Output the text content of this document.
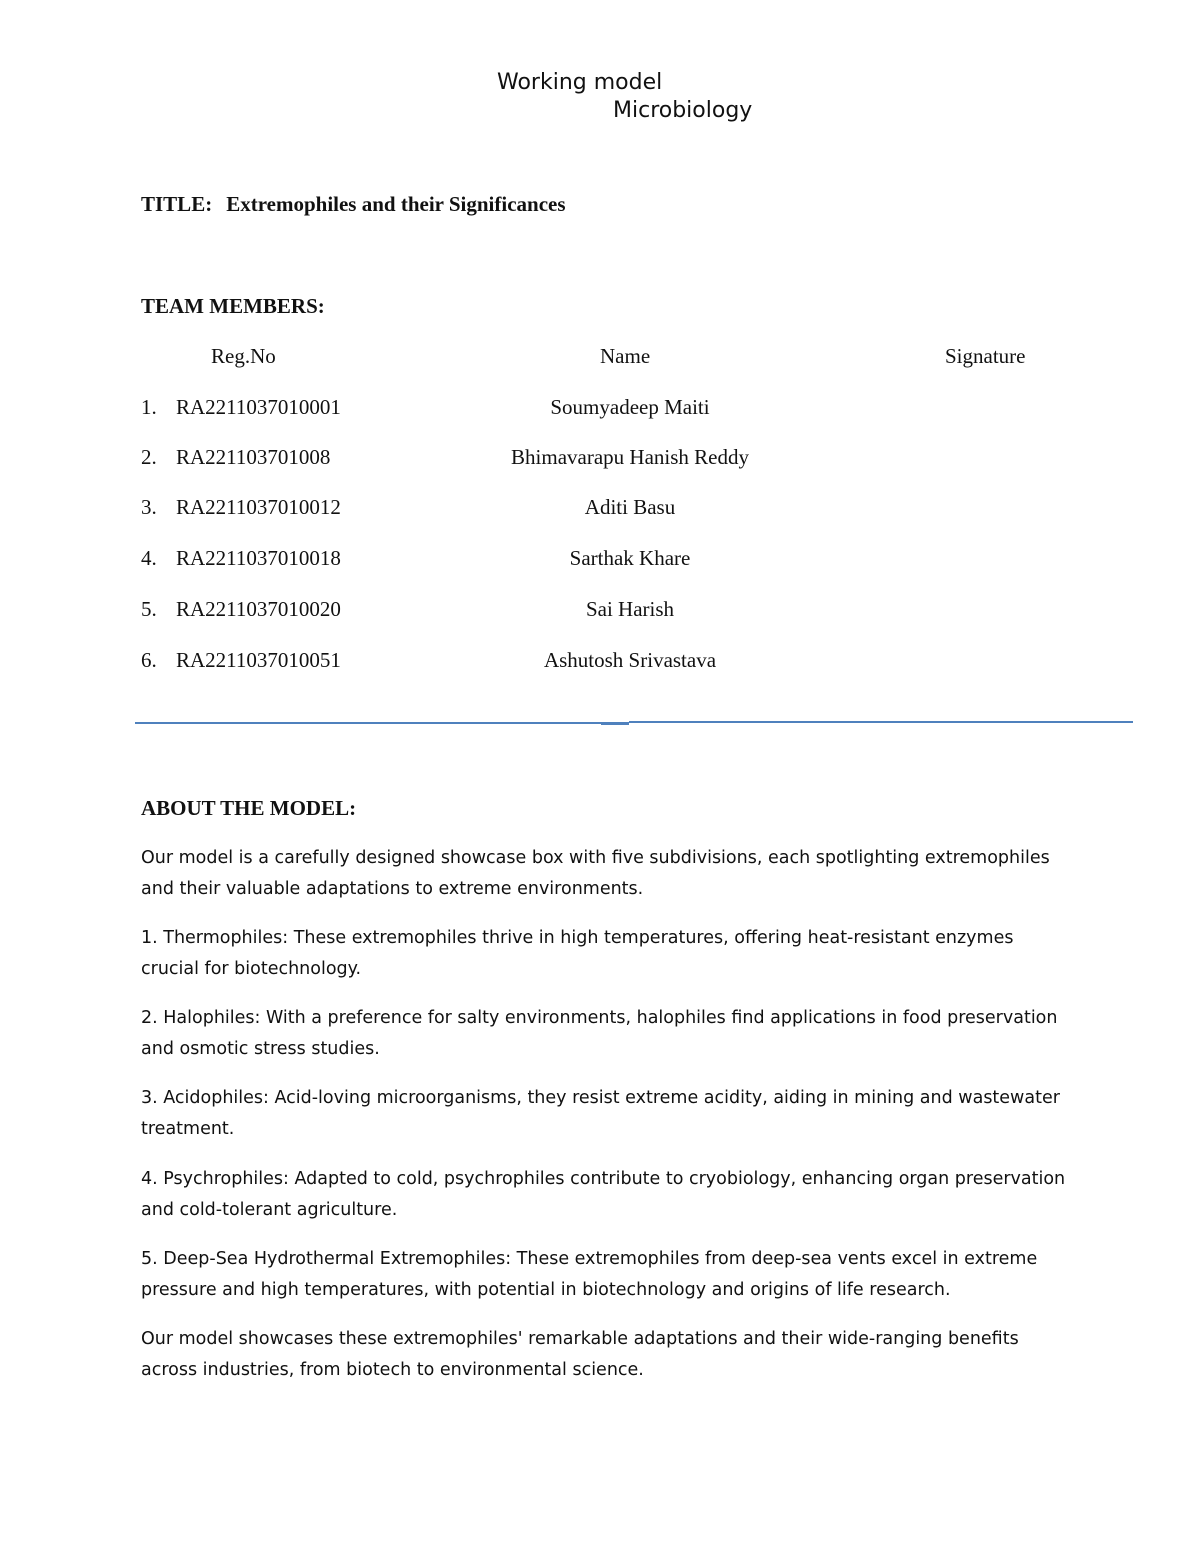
Working model
Microbiology
TITLE: Extremophiles and their Significances
TEAM MEMBERS:
Reg.No	Name	Signature
1. RA2211037010001	Soumyadeep Maiti
2. RA221103701008	Bhimavarapu Hanish Reddy
3. RA2211037010012	Aditi Basu
4. RA2211037010018	Sarthak Khare
5. RA2211037010020	Sai Harish
6. RA2211037010051	Ashutosh Srivastava
ABOUT THE MODEL:
Our model is a carefully designed showcase box with five subdivisions, each spotlighting extremophiles and their valuable adaptations to extreme environments.
1. Thermophiles: These extremophiles thrive in high temperatures, offering heat-resistant enzymes crucial for biotechnology.
2. Halophiles: With a preference for salty environments, halophiles find applications in food preservation and osmotic stress studies.
3. Acidophiles: Acid-loving microorganisms, they resist extreme acidity, aiding in mining and wastewater treatment.
4. Psychrophiles: Adapted to cold, psychrophiles contribute to cryobiology, enhancing organ preservation and cold-tolerant agriculture.
5. Deep-Sea Hydrothermal Extremophiles: These extremophiles from deep-sea vents excel in extreme pressure and high temperatures, with potential in biotechnology and origins of life research.
Our model showcases these extremophiles' remarkable adaptations and their wide-ranging benefits across industries, from biotech to environmental science.
